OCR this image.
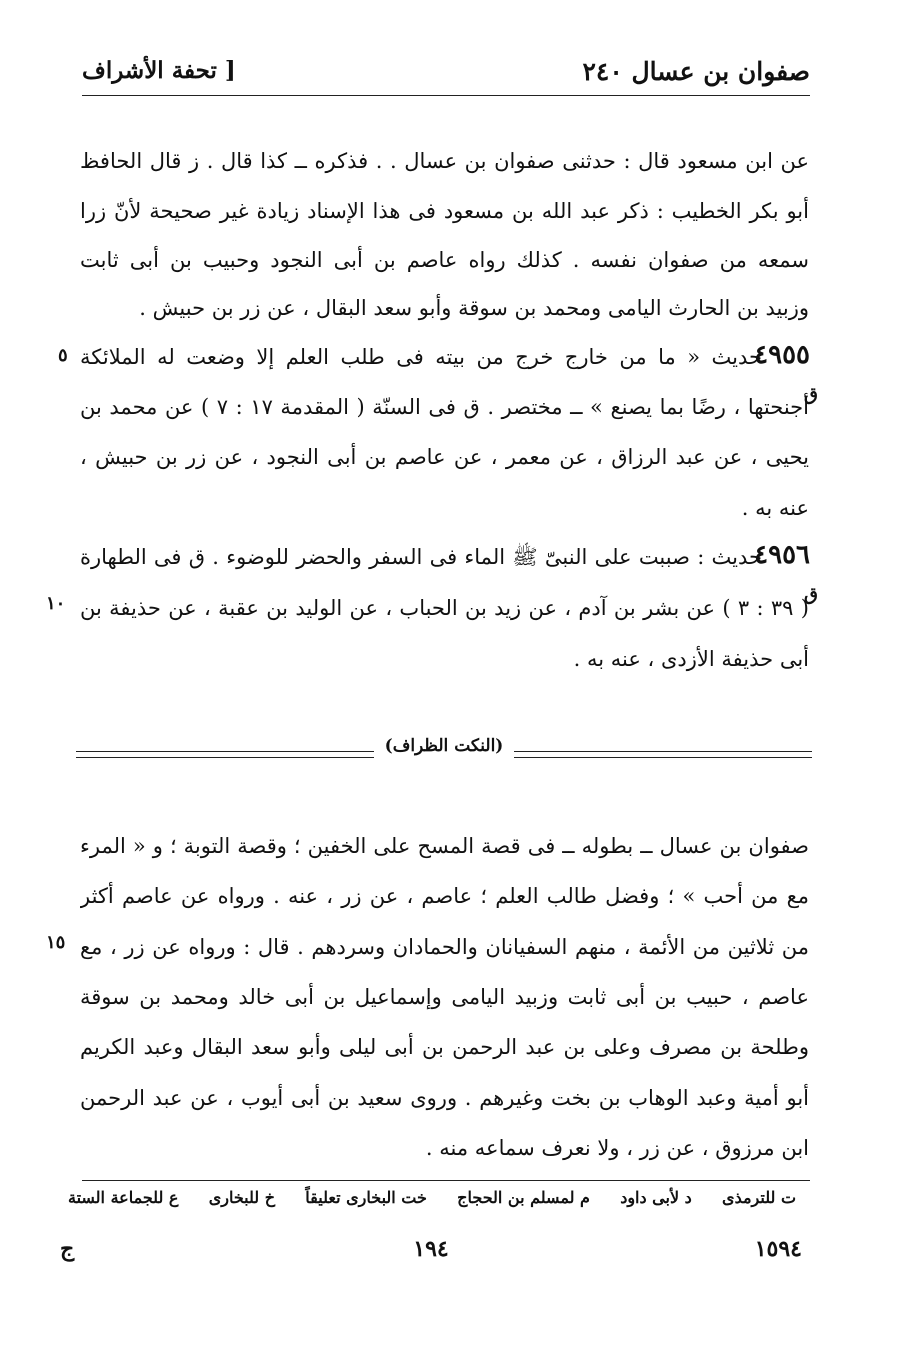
صفوان بن عسال ٢٤٠
[ تحفة الأشراف
عن ابن مسعود قال : حدثنى صفوان بن عسال . . فذكره ــ كذا قال . ز قال الحافظ
أبو بكر الخطيب : ذكر عبد الله بن مسعود فى هذا الإسناد زيادة غير صحيحة لأنّ زرا
سمعه من صفوان نفسه . كذلك رواه عاصم بن أبى النجود وحبيب بن أبى ثابت
وزبيد بن الحارث اليامى ومحمد بن سوقة وأبو سعد البقال ، عن زر بن حبيش .
٤٩٥٥
حديث « ما من خارج خرج من بيته فى طلب العلم إلا وضعت له الملائكة
أجنحتها ، رضًا بما يصنع » ــ مختصر . ق فى السنّة ( المقدمة ١٧ : ٧ ) عن محمد بن
يحيى ، عن عبد الرزاق ، عن معمر ، عن عاصم بن أبى النجود ، عن زر بن حبيش ،
عنه به .
٥
ق
٤٩٥٦
حديث : صببت على النبىّ ﷺ الماء فى السفر والحضر للوضوء . ق فى الطهارة
( ٣٩ : ٣ ) عن بشر بن آدم ، عن زيد بن الحباب ، عن الوليد بن عقبة ، عن حذيفة بن
أبى حذيفة الأزدى ، عنه به .
١٠	ق
(النكت الظراف)
صفوان بن عسال ــ بطوله ــ فى قصة المسح على الخفين ؛ وقصة التوبة ؛ و « المرء
مع من أحب » ؛ وفضل طالب العلم ؛ عاصم ، عن زر ، عنه . ورواه عن عاصم أكثر
من ثلاثين من الأئمة ، منهم السفيانان والحمادان وسردهم . قال : ورواه عن زر ، مع
عاصم ، حبيب بن أبى ثابت وزبيد اليامى وإسماعيل بن أبى خالد ومحمد بن سوقة
وطلحة بن مصرف وعلى بن عبد الرحمن بن أبى ليلى وأبو سعد البقال وعبد الكريم
أبو أمية وعبد الوهاب بن بخت وغيرهم . وروى سعيد بن أبى أيوب ، عن عبد الرحمن
ابن مرزوق ، عن زر ، ولا نعرف سماعه منه .
١٥
ع للجماعة الستة خ للبخارى خت البخارى تعليقاً م لمسلم بن الحجاج د لأبى داود ت للترمذى
١٥٩٤
١٩٤
ج
